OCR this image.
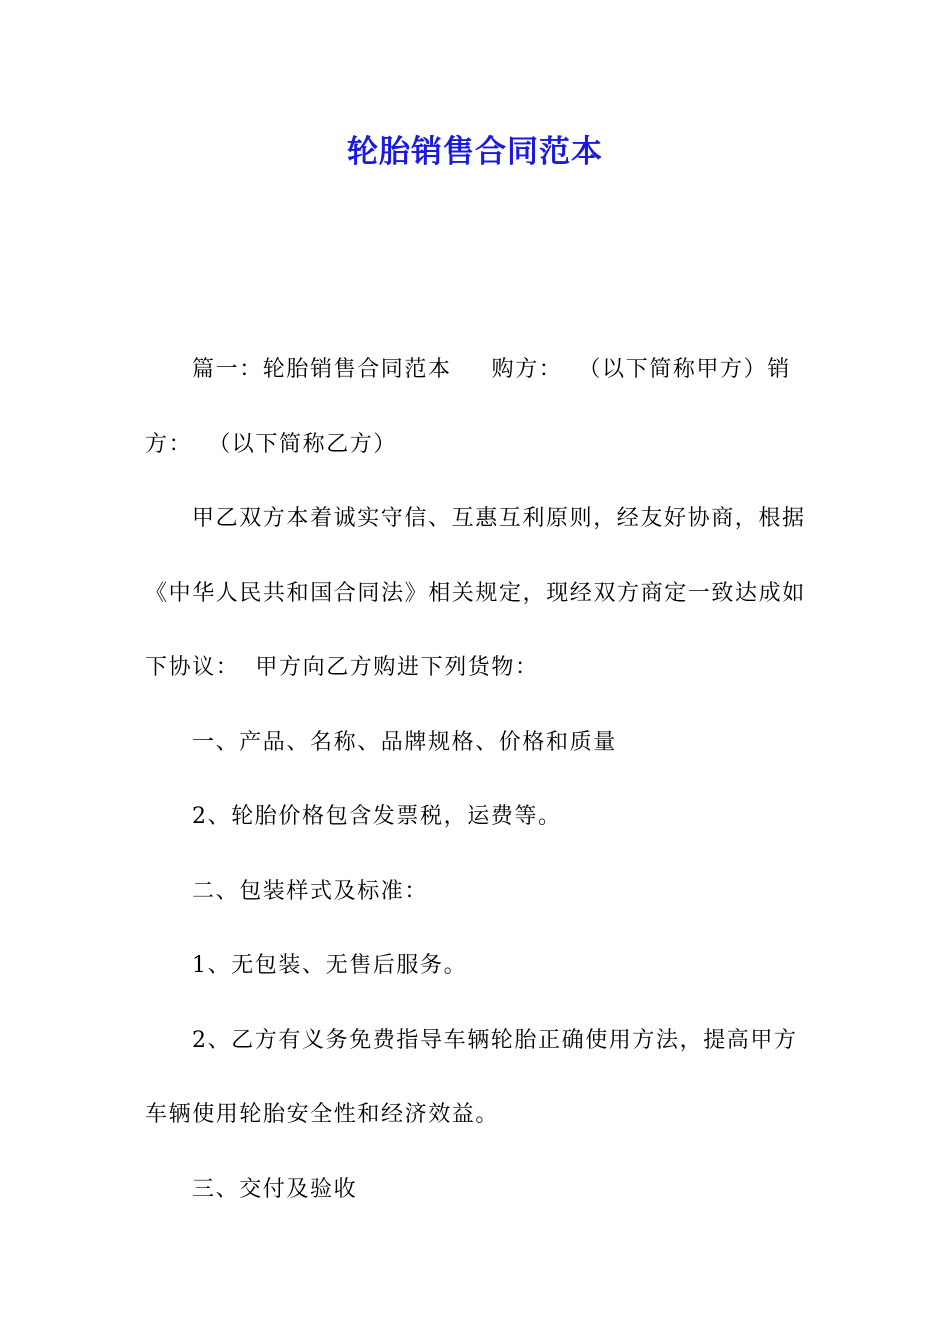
轮胎销售合同范本

篇一：轮胎销售合同范本 购方： （以下简称甲方）销方： （以下简称乙方）

甲乙双方本着诚实守信、互惠互利原则，经友好协商，根据《中华人民共和国合同法》相关规定，现经双方商定一致达成如下协议： 甲方向乙方购进下列货物：

一、产品、名称、品牌规格、价格和质量

2、轮胎价格包含发票税，运费等。

二、包装样式及标准：

1、无包装、无售后服务。

2、乙方有义务免费指导车辆轮胎正确使用方法，提高甲方车辆使用轮胎安全性和经济效益。

三、交付及验收
